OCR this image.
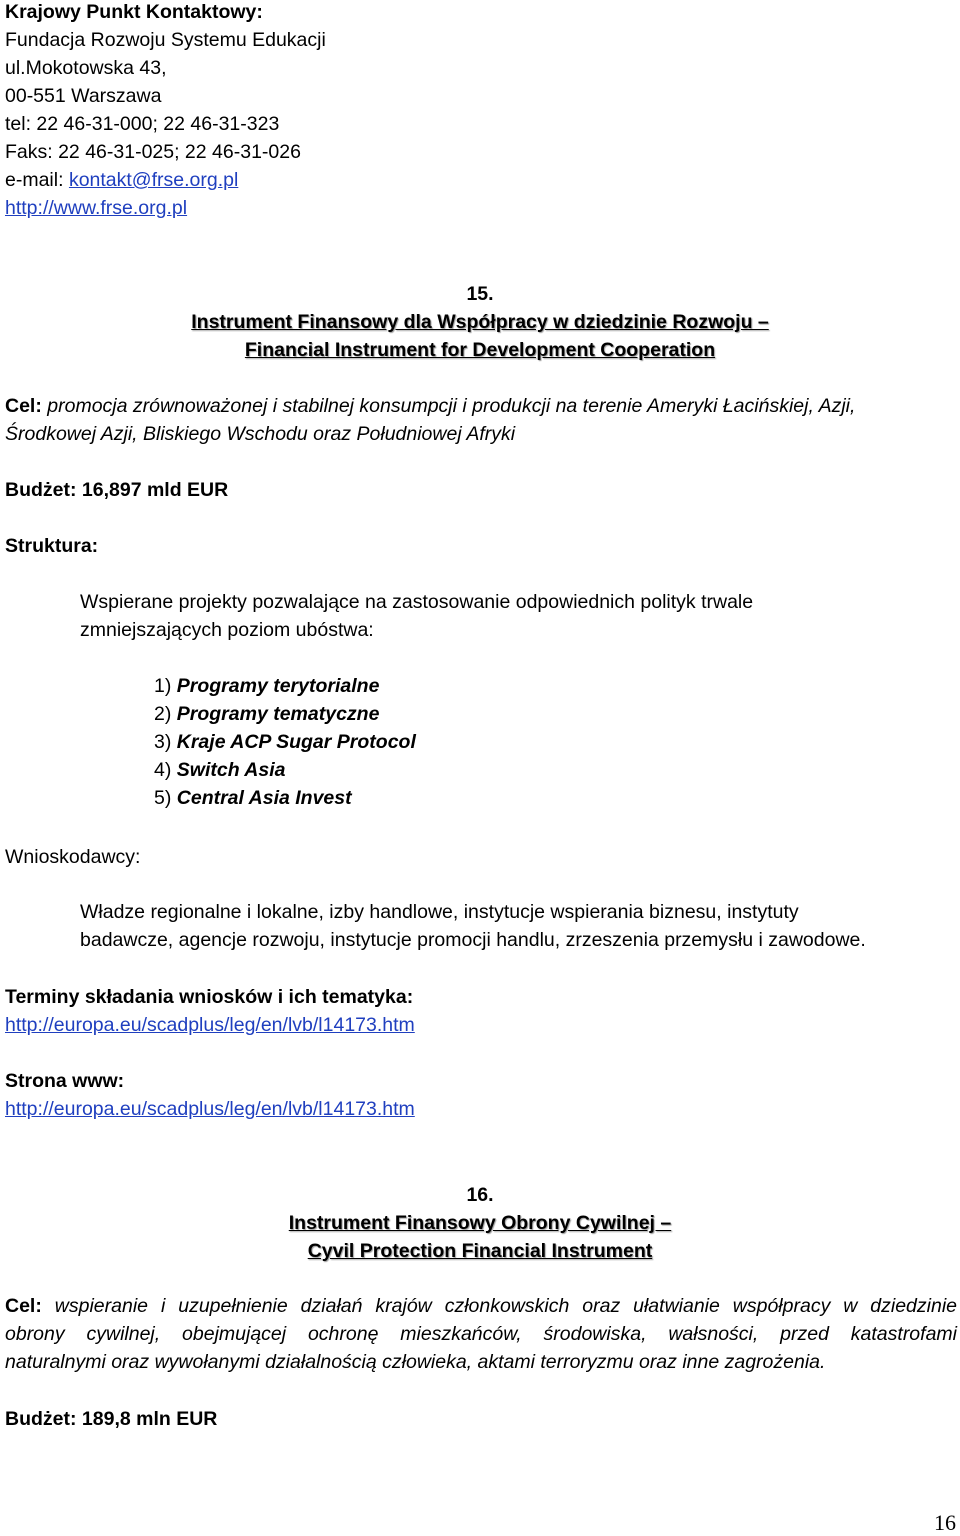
Krajowy Punkt Kontaktowy:
Fundacja Rozwoju Systemu Edukacji
ul.Mokotowska 43,
00-551 Warszawa
tel: 22 46-31-000; 22 46-31-323
Faks: 22 46-31-025; 22 46-31-026
e-mail: kontakt@frse.org.pl
http://www.frse.org.pl
15.
Instrument Finansowy dla Współpracy w dziedzinie Rozwoju –
Financial Instrument for Development Cooperation
Cel: promocja zrównoważonej i stabilnej konsumpcji i produkcji na terenie Ameryki Łacińskiej, Azji,
Środkowej Azji, Bliskiego Wschodu oraz Południowej Afryki
Budżet: 16,897 mld EUR
Struktura:
Wspierane projekty pozwalające na zastosowanie odpowiednich polityk trwale
zmniejszających poziom ubóstwa:
1) Programy terytorialne
2) Programy tematyczne
3) Kraje ACP Sugar Protocol
4) Switch Asia
5) Central Asia Invest
Wnioskodawcy:
Władze regionalne i lokalne, izby handlowe, instytucje wspierania biznesu, instytuty
badawcze, agencje rozwoju, instytucje promocji handlu, zrzeszenia przemysłu i zawodowe.
Terminy składania wniosków i ich tematyka:
http://europa.eu/scadplus/leg/en/lvb/l14173.htm
Strona www:
http://europa.eu/scadplus/leg/en/lvb/l14173.htm
16.
Instrument Finansowy Obrony Cywilnej –
Cyvil Protection Financial Instrument
Cel: wspieranie i uzupełnienie działań krajów członkowskich oraz ułatwianie współpracy w dziedzinie
obrony cywilnej, obejmującej ochronę mieszkańców, środowiska, wałsności, przed katastrofami
naturalnymi oraz wywołanymi działalnością człowieka, aktami terroryzmu oraz inne zagrożenia.
Budżet: 189,8 mln EUR
16
